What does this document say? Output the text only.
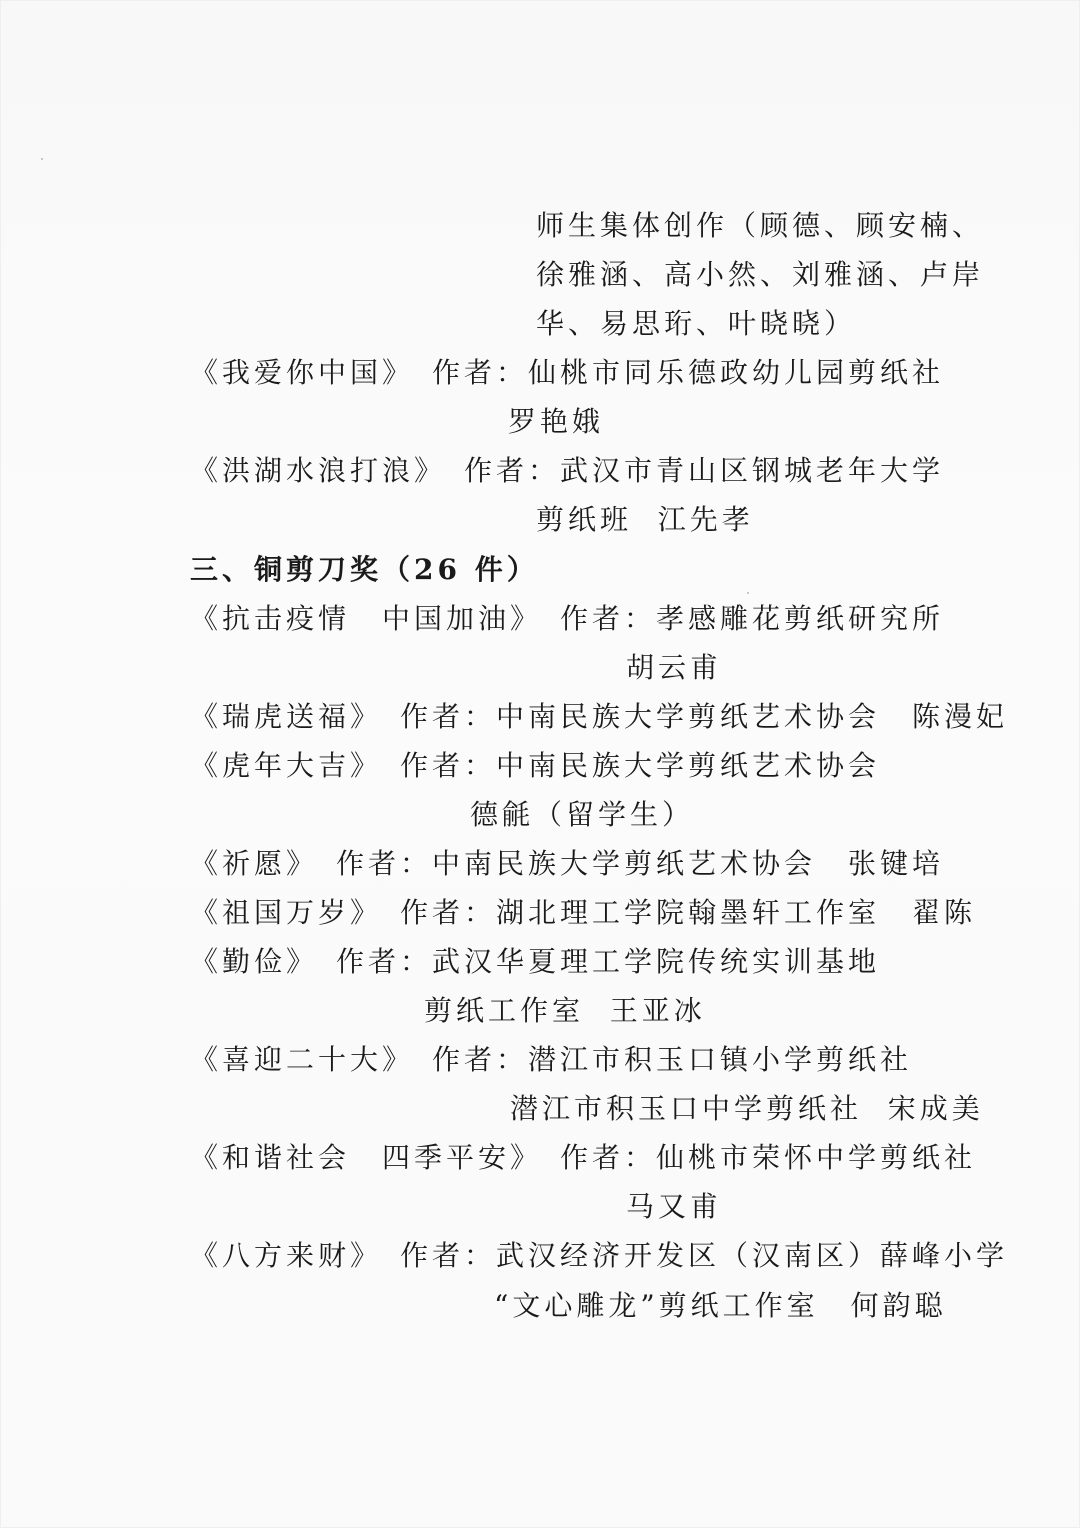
师生集体创作（顾德、顾安楠、
徐雅涵、高小然、刘雅涵、卢岸
华、易思珩、叶晓晓）
《我爱你中国》　作者：仙桃市同乐德政幼儿园剪纸社
罗艳娥
《洪湖水浪打浪》　作者：武汉市青山区钢城老年大学
剪纸班  江先孝
三、铜剪刀奖（26 件）
《抗击疫情　中国加油》　作者：孝感雕花剪纸研究所
胡云甫
《瑞虎送福》　作者：中南民族大学剪纸艺术协会　陈漫妃
《虎年大吉》　作者：中南民族大学剪纸艺术协会
德毹（留学生）
《祈愿》　作者：中南民族大学剪纸艺术协会　张键培
《祖国万岁》　作者：湖北理工学院翰墨轩工作室　翟陈
《勤俭》　作者：武汉华夏理工学院传统实训基地
剪纸工作室  王亚冰
《喜迎二十大》　作者：潜江市积玉口镇小学剪纸社
潜江市积玉口中学剪纸社  宋成美
《和谐社会　四季平安》　作者：仙桃市荣怀中学剪纸社
马又甫
《八方来财》　作者：武汉经济开发区（汉南区）薛峰小学
“文心雕龙”剪纸工作室　何韵聪
